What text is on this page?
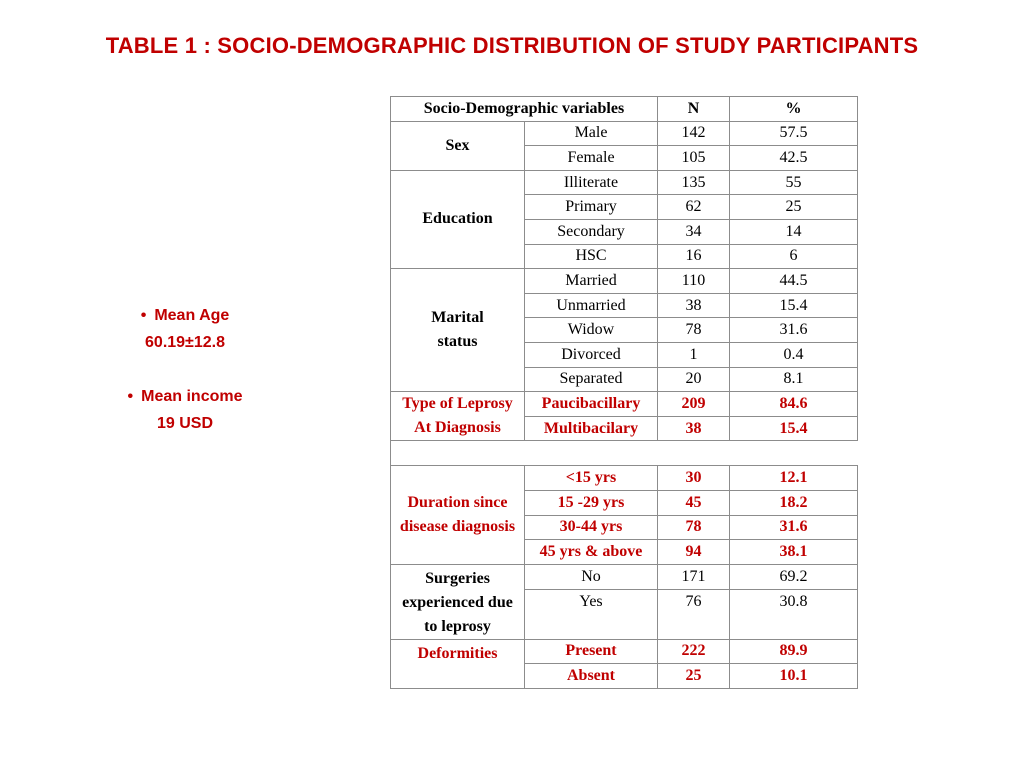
TABLE 1 : SOCIO-DEMOGRAPHIC DISTRIBUTION OF STUDY PARTICIPANTS
• Mean Age
60.19±12.8
• Mean income
19 USD
Socio-Demographic variables		N	%
Sex	Male	142	57.5
	Female	105	42.5
Education	Illiterate	135	55
	Primary	62	25
	Secondary	34	14
	HSC	16	6

Marital
status	Married	110	44.5
	Unmarried	38	15.4
	Widow	78	31.6
	Divorced	1	0.4
	Separated	20	8.1

Type of Leprosy
At Diagnosis	Paucibacillary	209	84.6
	Multibacilary	38	15.4

Duration since
disease diagnosis	<15 yrs	30	12.1
	15 -29 yrs	45	18.2
	30-44 yrs	78	31.6
	45 yrs & above	94	38.1

Surgeries
experienced due
to leprosy	No	171	69.2
	Yes	76	30.8

Deformities	Present	222	89.9
	Absent	25	10.1
